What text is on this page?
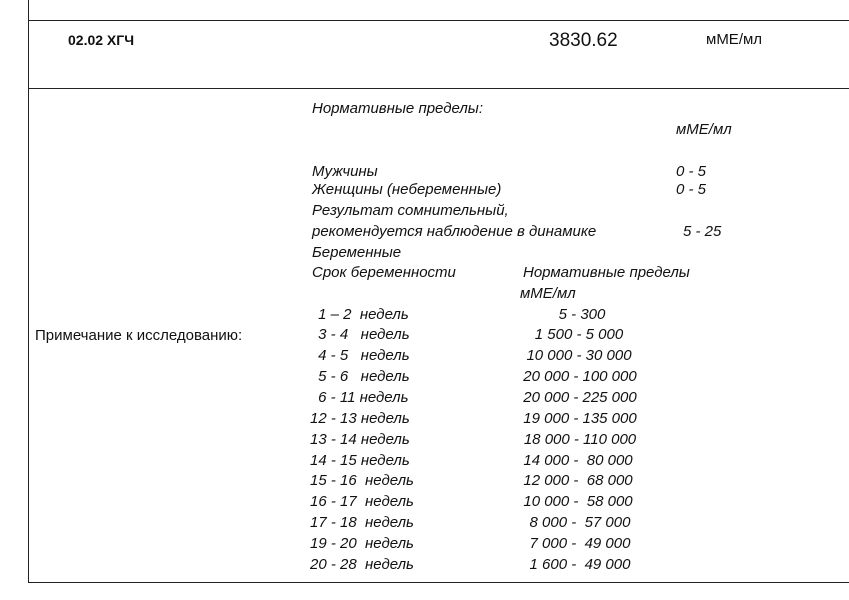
02.02 ХГЧ	3830.62	мМЕ/мл
Примечание к исследованию:
Нормативные пределы:
мМЕ/мл
Мужчины	0 - 5
Женщины (небеременные)	0 - 5
Результат сомнительный,
рекомендуется наблюдение в динамике	5 - 25
Беременные
Срок беременности	Нормативные пределы
мМЕ/мл
1 – 2  недель	5 - 300
3 - 4   недель	1 500 - 5 000
4 - 5   недель	10 000 - 30 000
5 - 6   недель	20 000 - 100 000
6 - 11 недель	20 000 - 225 000
12 - 13 недель	19 000 - 135 000
13 - 14 недель	18 000 - 110 000
14 - 15 недель	14 000 -  80 000
15 - 16  недель	12 000 -  68 000
16 - 17  недель	10 000 -  58 000
17 - 18  недель	8 000 -  57 000
19 - 20  недель	7 000 -  49 000
20 - 28  недель	1 600 -  49 000
